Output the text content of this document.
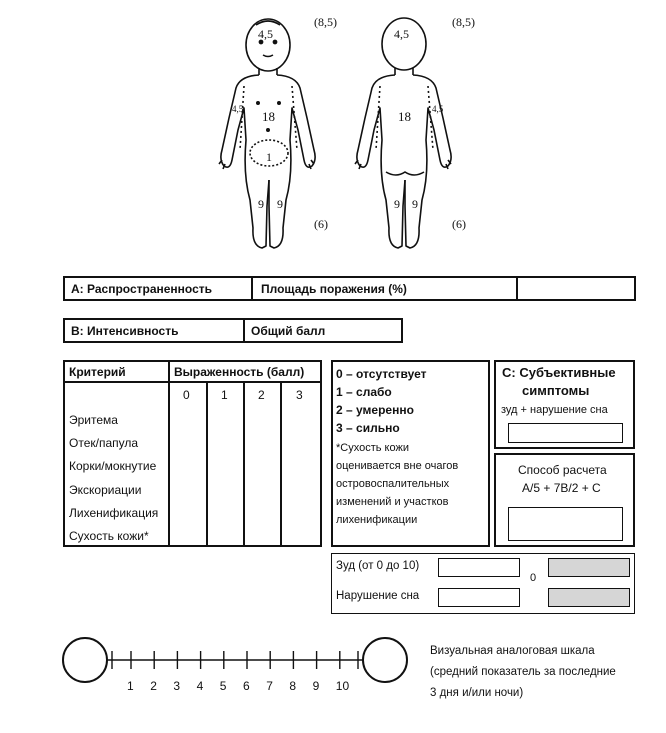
4,5
(8,5)
4,5 18
1
9 9
(6)
4,5
(8,5)
4,5
18
9 9
(6)
A: Распространенность	Площадь поражения (%)
B: Интенсивность	Общий балл
Критерий	Выраженность (балл)
0	1	2	3
Эритема
Отек/папула
Корки/мокнутие
Экскориации
Лихенификация
Сухость кожи*
0 – отсутствует
1 – слабо
2 – умеренно
3 – сильно
*Сухость кожи
оценивается вне очагов
островоспалительных
изменений и участков
лихенификации
C: Субъективные
симптомы
зуд + нарушение сна
Способ расчета
A/5 + 7B/2 + C
Зуд (от 0 до 10)
0
Нарушение сна
1 2 3 4 5 6 7 8 9 10
Визуальная аналоговая шкала
(средний показатель за последние
3 дня и/или ночи)
